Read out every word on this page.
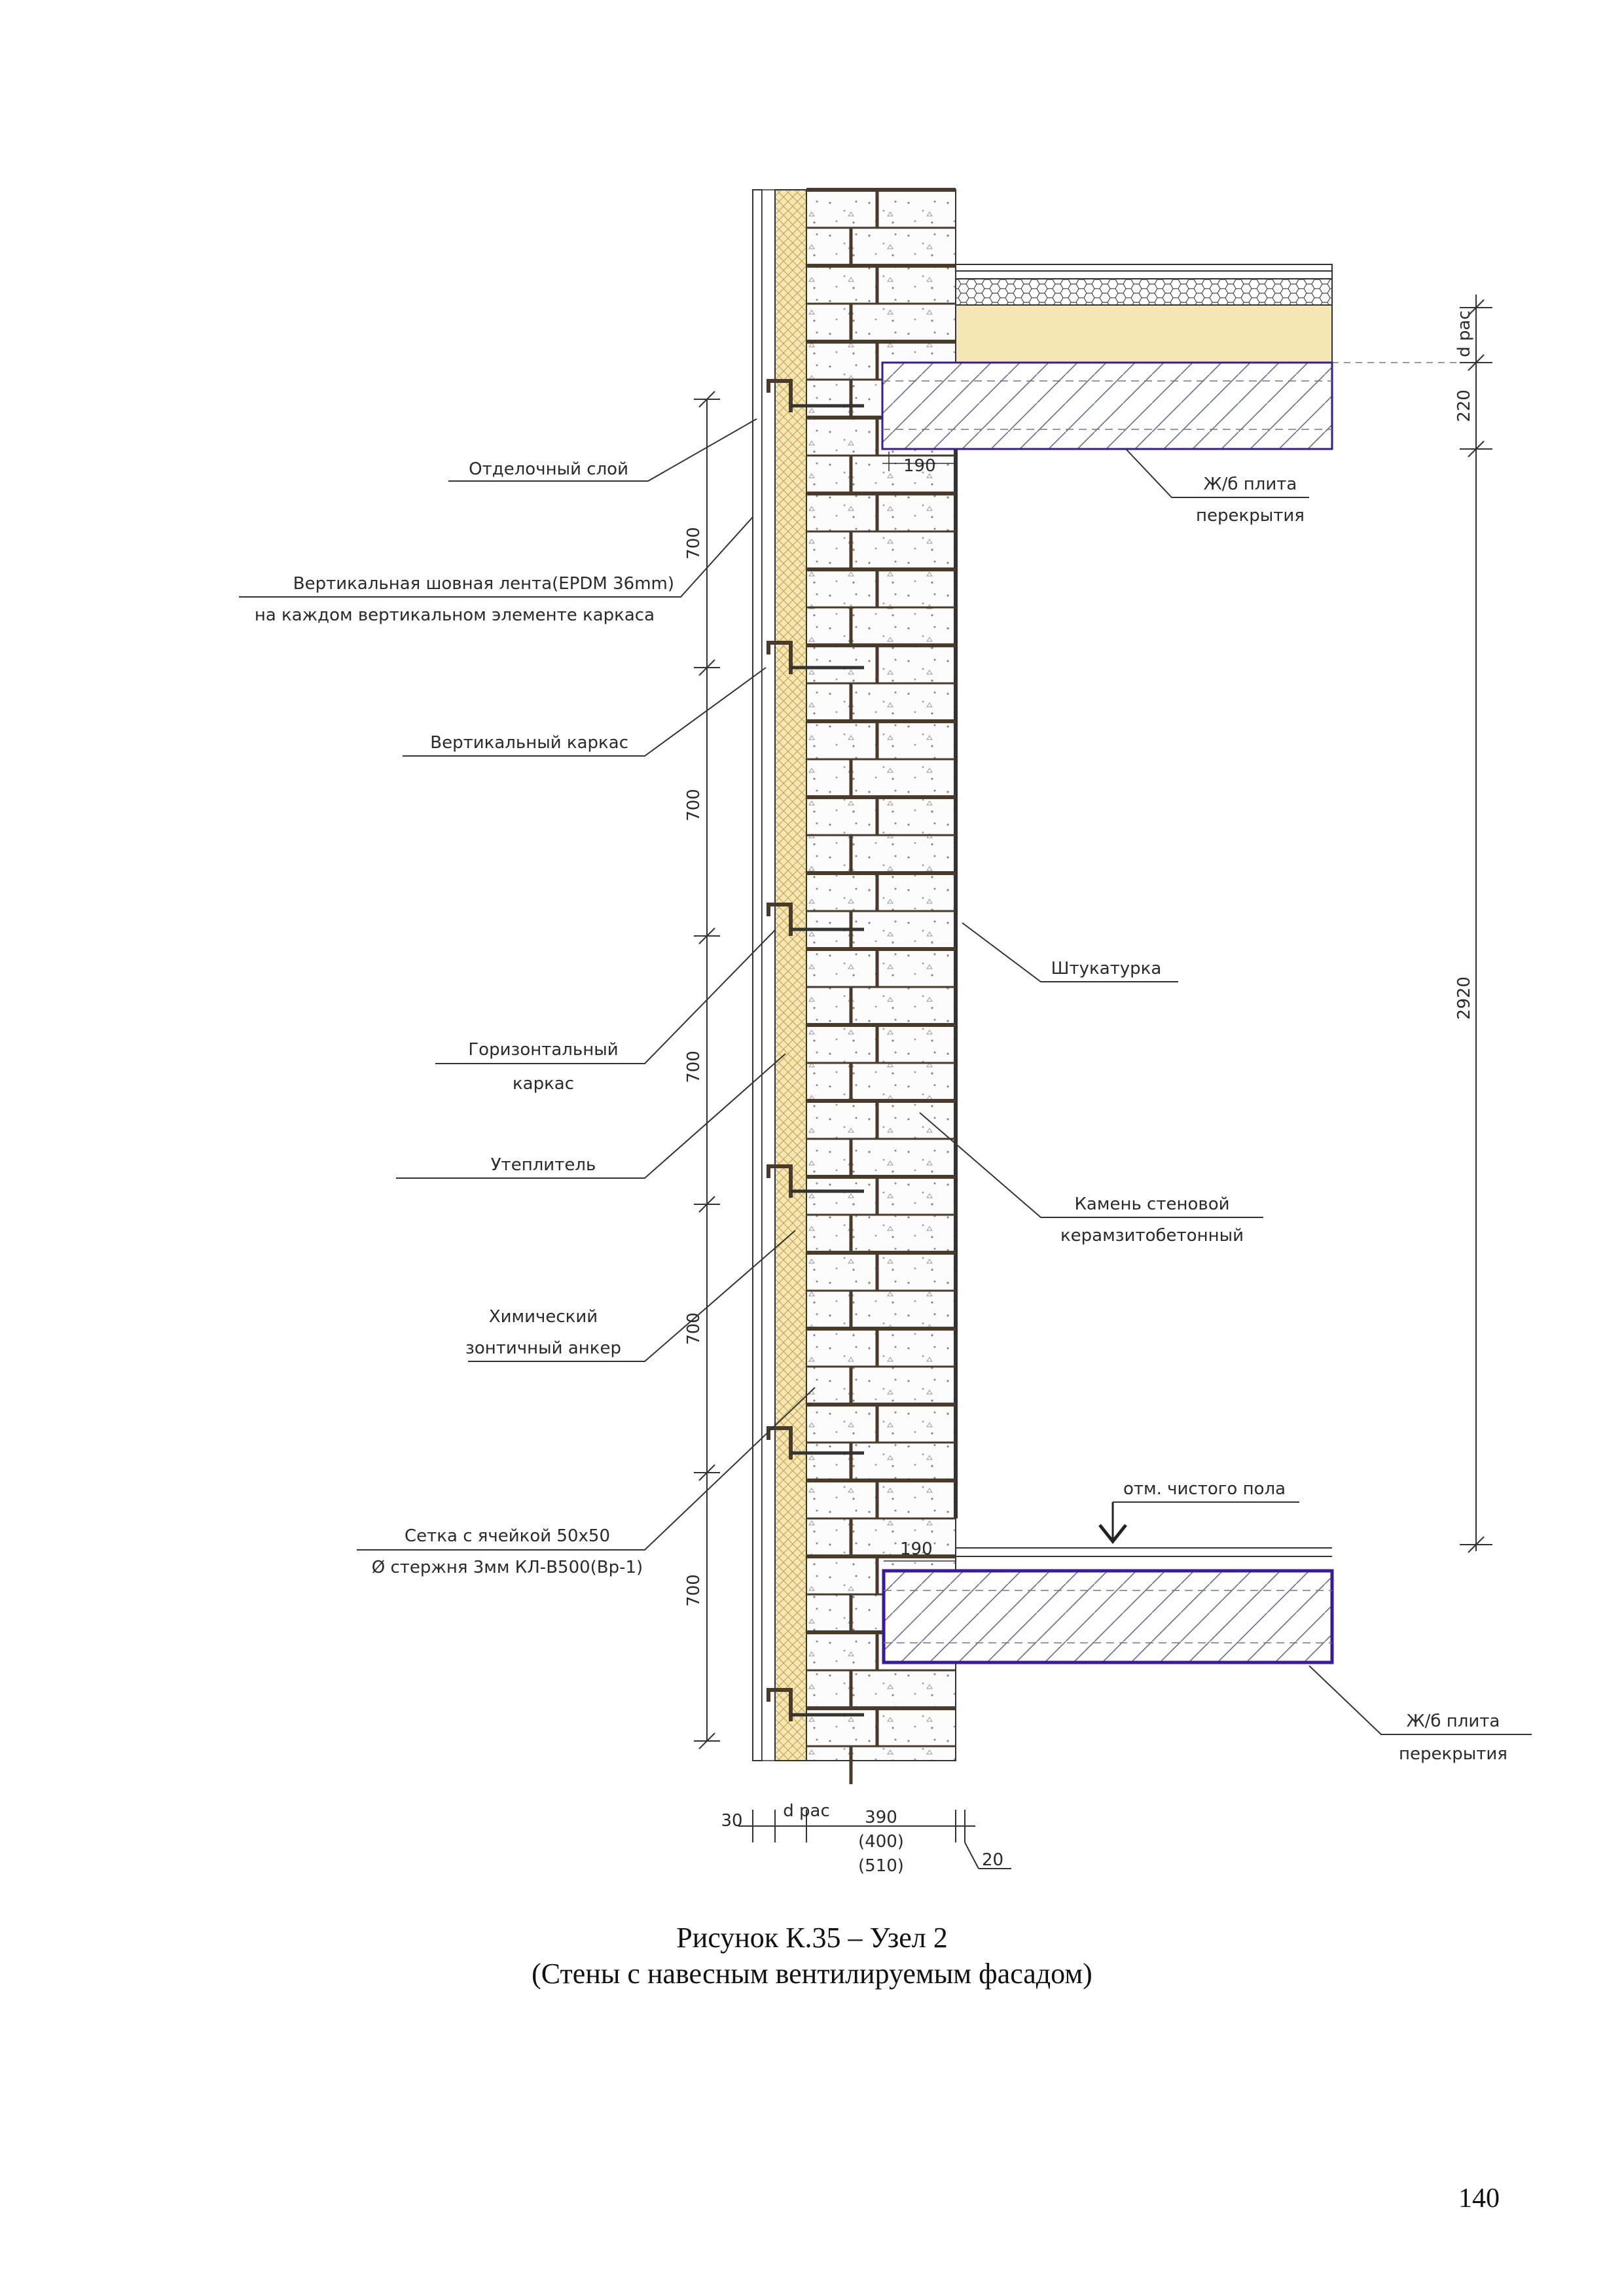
700
700
700
700
700
d рас
220
2920
190
190
30 d рас 390
(400)
(510)	20
Отделочный слой
Вертикальная шовная лента(EPDM 36mm)
на каждом вертикальном элементе каркаса
Вертикальный каркас
Горизонтальный
каркас
Утеплитель
Химический
зонтичный анкер
Сетка с ячейкой 50х50
Ø стержня 3мм КЛ-В500(Вр-1)
Штукатурка
Камень стеновой
керамзитобетонный
Ж/б плита
перекрытия
Ж/б плита
перекрытия
отм. чистого пола
Рисунок К.35 – Узел 2
(Стены с навесным вентилируемым фасадом)
140
